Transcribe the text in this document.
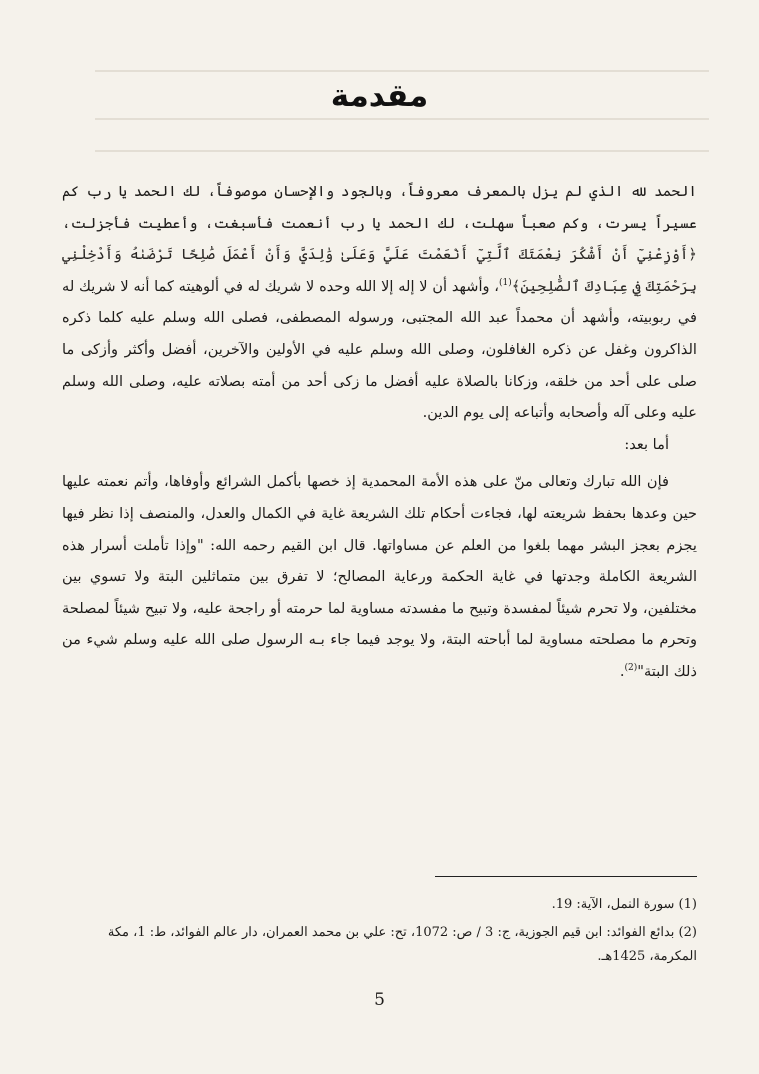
مقدمة

الحمد لله الذي لم يزل بالمعرف معروفاً، وبالجود والإحسان موصوفاً، لك الحمد يا رب كم عسيراً يسرت، وكم صعباً سهلت، لك الحمد يا رب أنعمت فأسبغت، وأعطيت فأجزلت، ﴿أَوْزِعْنِيٓ أَنْ أَشْكُرَ نِعْمَتَكَ ٱلَّتِيٓ أَنْعَمْتَ عَلَيَّ وَعَلَىٰ وَٰلِدَيَّ وَأَنْ أَعْمَلَ صَٰلِحًا تَرْضَىٰهُ وَأَدْخِلْنِي بِرَحْمَتِكَ فِي عِبَادِكَ ٱلصَّٰلِحِينَ﴾$^{(1)}$، وأشهد أن لا إله إلا الله وحده لا شريك له في ألوهيته كما أنه لا شريك له في ربوبيته، وأشهد أن محمداً عبد الله المجتبى، ورسوله المصطفى، فصلى الله وسلم عليه كلما ذكره الذاكرون وغفل عن ذكره الغافلون، وصلى الله وسلم عليه في الأولين والآخرين، أفضل وأكثر وأزكى ما صلى على أحد من خلقه، وزكانا بالصلاة عليه أفضل ما زكى أحد من أمته بصلاته عليه، وصلى الله وسلم عليه وعلى آله وأصحابه وأتباعه إلى يوم الدين.

أما بعد:

فإن الله تبارك وتعالى منّ على هذه الأمة المحمدية إذ خصها بأكمل الشرائع وأوفاها، وأتم نعمته عليها حين وعدها بحفظ شريعته لها، فجاءت أحكام تلك الشريعة غاية في الكمال والعدل، والمنصف إذا نظر فيها يجزم بعجز البشر مهما بلغوا من العلم عن مساواتها. قال ابن القيم رحمه الله: "وإذا تأملت أسرار هذه الشريعة الكاملة وجدتها في غاية الحكمة ورعاية المصالح؛ لا تفرق بين متماثلين البتة ولا تسوي بين مختلفين، ولا تحرم شيئاً لمفسدة وتبيح ما مفسدته مساوية لما حرمته أو راجحة عليه، ولا تبيح شيئاً لمصلحة وتحرم ما مصلحته مساوية لما أباحته البتة، ولا يوجد فيما جاء بـه الرسول صلى الله عليه وسلم شيء من ذلك البتة"$^{(2)}$.

(1) سورة النمل، الآية: 19.

(2) بدائع الفوائد: ابن قيم الجوزية، ج: 3 / ص: 1072، تح: علي بن محمد العمران، دار عالم الفوائد، ط: 1، مكة المكرمة، 1425هـ.

5
